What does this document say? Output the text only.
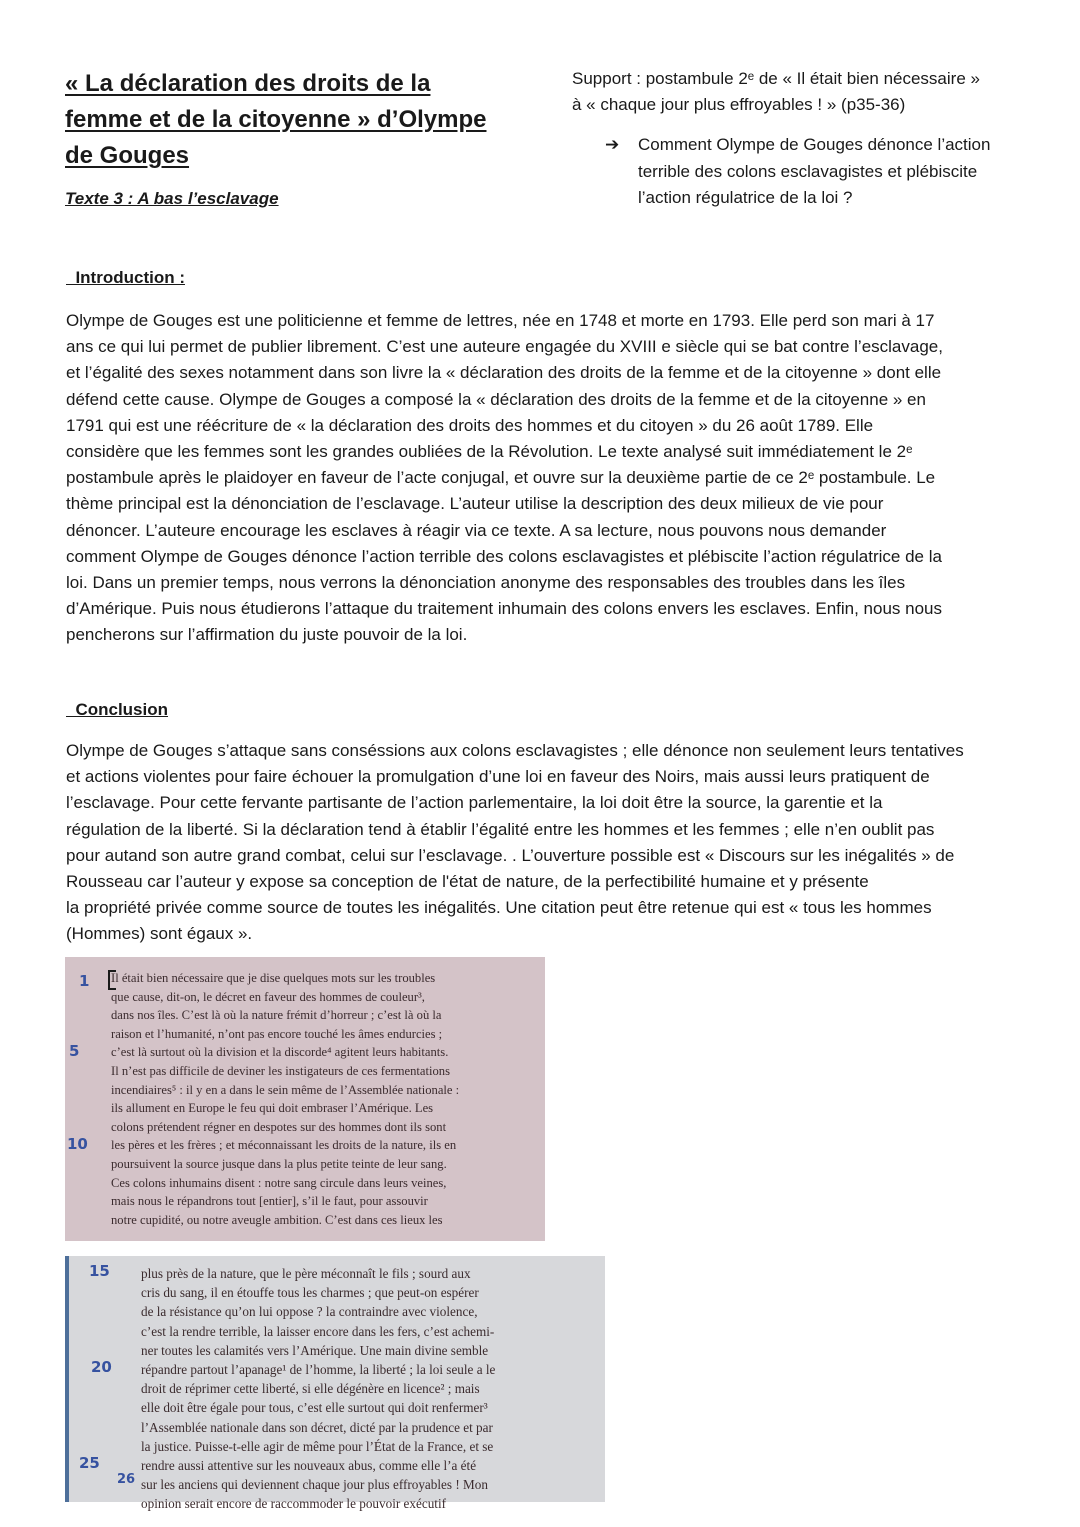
« La déclaration des droits de la
femme et de la citoyenne » d’Olympe
de Gouges
Texte 3 : A bas l’esclavage
Support : postambule 2ᵉ de « Il était bien nécessaire »
à « chaque jour plus effroyables ! » (p35-36)
➔	Comment Olympe de Gouges dénonce l’action
terrible des colons esclavagistes et plébiscite
l’action régulatrice de la loi ?
Introduction :
Olympe de Gouges est une politicienne et femme de lettres, née en 1748 et morte en 1793. Elle perd son mari à 17
ans ce qui lui permet de publier librement. C’est une auteure engagée du XVIII e siècle qui se bat contre l’esclavage,
et l’égalité des sexes notamment dans son livre la « déclaration des droits de la femme et de la citoyenne » dont elle
défend cette cause. Olympe de Gouges a composé la « déclaration des droits de la femme et de la citoyenne » en
1791 qui est une réécriture de « la déclaration des droits des hommes et du citoyen » du 26 août 1789. Elle
considère que les femmes sont les grandes oubliées de la Révolution. Le texte analysé suit immédiatement le 2ᵉ
postambule après le plaidoyer en faveur de l’acte conjugal, et ouvre sur la deuxième partie de ce 2ᵉ postambule. Le
thème principal est la dénonciation de l’esclavage. L’auteur utilise la description des deux milieux de vie pour
dénoncer. L’auteure encourage les esclaves à réagir via ce texte. A sa lecture, nous pouvons nous demander
comment Olympe de Gouges dénonce l’action terrible des colons esclavagistes et plébiscite l’action régulatrice de la
loi. Dans un premier temps, nous verrons la dénonciation anonyme des responsables des troubles dans les îles
d’Amérique. Puis nous étudierons l’attaque du traitement inhumain des colons envers les esclaves. Enfin, nous nous
pencherons sur l’affirmation du juste pouvoir de la loi.
Conclusion
Olympe de Gouges s’attaque sans conséssions aux colons esclavagistes ; elle dénonce non seulement leurs tentatives
et actions violentes pour faire échouer la promulgation d’une loi en faveur des Noirs, mais aussi leurs pratiquent de
l’esclavage. Pour cette fervante partisante de l’action parlementaire, la loi doit être la source, la garentie et la
régulation de la liberté. Si la déclaration tend à établir l’égalité entre les hommes et les femmes ; elle n’en oublit pas
pour autand son autre grand combat, celui sur l’esclavage. . L’ouverture possible est « Discours sur les inégalités » de
Rousseau car l’auteur y expose sa conception de l'état de nature, de la perfectibilité humaine et y présente
la propriété privée comme source de toutes les inégalités. Une citation peut être retenue qui est « tous les hommes
(Hommes) sont égaux ».
1
5
10
Il était bien nécessaire que je dise quelques mots sur les troubles
que cause, dit-on, le décret en faveur des hommes de couleur³,
dans nos îles. C’est là où la nature frémit d’horreur ; c’est là où la
raison et l’humanité, n’ont pas encore touché les âmes endurcies ;
c’est là surtout où la division et la discorde⁴ agitent leurs habitants.
Il n’est pas difficile de deviner les instigateurs de ces fermentations
incendiaires⁵ : il y en a dans le sein même de l’Assemblée nationale :
ils allument en Europe le feu qui doit embraser l’Amérique. Les
colons prétendent régner en despotes sur des hommes dont ils sont
les pères et les frères ; et méconnaissant les droits de la nature, ils en
poursuivent la source jusque dans la plus petite teinte de leur sang.
Ces colons inhumains disent : notre sang circule dans leurs veines,
mais nous le répandrons tout [entier], s’il le faut, pour assouvir
notre cupidité, ou notre aveugle ambition. C’est dans ces lieux les
15
20
25
26
plus près de la nature, que le père méconnaît le fils ; sourd aux
cris du sang, il en étouffe tous les charmes ; que peut-on espérer
de la résistance qu’on lui oppose ? la contraindre avec violence,
c’est la rendre terrible, la laisser encore dans les fers, c’est achemi-
ner toutes les calamités vers l’Amérique. Une main divine semble
répandre partout l’apanage¹ de l’homme, la liberté ; la loi seule a le
droit de réprimer cette liberté, si elle dégénère en licence² ; mais
elle doit être égale pour tous, c’est elle surtout qui doit renfermer³
l’Assemblée nationale dans son décret, dicté par la prudence et par
la justice. Puisse-t-elle agir de même pour l’État de la France, et se
rendre aussi attentive sur les nouveaux abus, comme elle l’a été
sur les anciens qui deviennent chaque jour plus effroyables ! Mon
opinion serait encore de raccommoder le pouvoir exécutif
